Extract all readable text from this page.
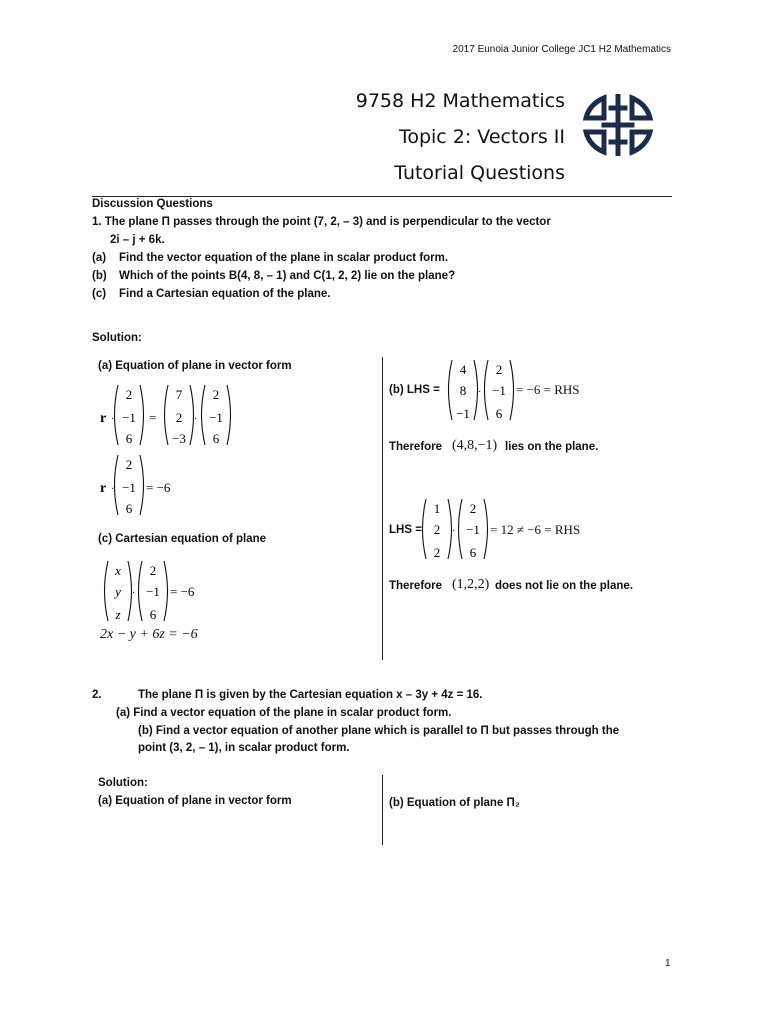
2017 Eunoia Junior College JC1 H2 Mathematics
9758 H2 Mathematics
Topic 2: Vectors II
Tutorial Questions
Discussion Questions
1. The plane Π passes through the point (7, 2, – 3) and is perpendicular to the vector
2i – j + 6k.
(a) Find the vector equation of the plane in scalar product form.
(b) Which of the points B(4, 8, – 1) and C(1, 2, 2) lie on the plane?
(c) Find a Cartesian equation of the plane.
Solution:
(a) Equation of plane in vector form
r ·
2
−1
6
7
2
−3
2
−1
6
=	·
r ·
2
−1
6
= −6
(c) Cartesian equation of plane
x
y
z
2
−1
6
·	= −6
2x − y + 6z = −6
(b) LHS =
4
8
−1
2
−1
6
·	= −6 = RHS
Therefore (4,8,−1) lies on the plane.
LHS =
1
2
2
2
−1
6
·	= 12 ≠ −6 = RHS
Therefore (1,2,2) does not lie on the plane.
2.	The plane Π is given by the Cartesian equation x – 3y + 4z = 16.
(a) Find a vector equation of the plane in scalar product form.
(b) Find a vector equation of another plane which is parallel to Π but passes through the
point (3, 2, – 1), in scalar product form.
Solution:
(a) Equation of plane in vector form	(b) Equation of plane Π₂
1
